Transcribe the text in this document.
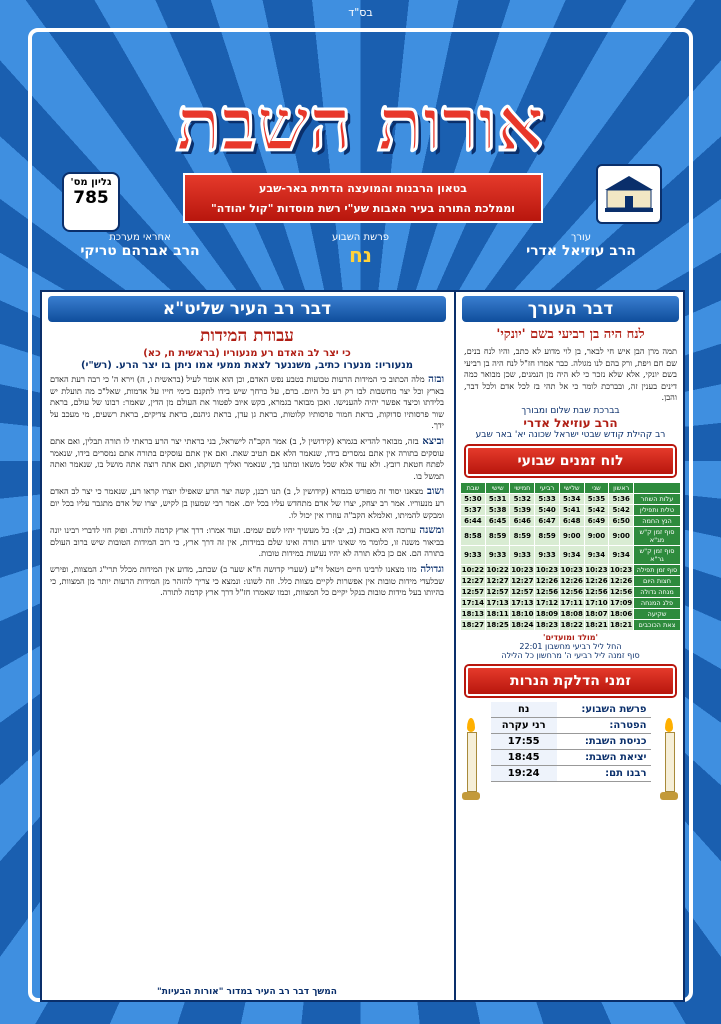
בס"ד
אורות השבת
בטאון הרבנות והמועצה הדתית באר-שבע
וממלכת התורה בעיר האבות שע"י רשת מוסדות "קול יהודה"
גליון מס'
785
עורך
הרב עוזיאל אדרי
פרשת השבוע
נח
אחראי מערכת
הרב אברהם טריקי
דבר העורך
לנח היה בן רביעי בשם 'יונקי'
תמה מרן הבן איש חי לבאר, בן לוי מדוע לא כתב, והיו לנח בנים, שם חם ויפת, ורק בהם לנו מגולה. כבר אמרו חז"ל לנח היה בן רביעי בשם יונקי, אלא שלא נזכר כי לא היה מן הנמנים, שכן מבואר כמה דינים בענין זה, ובברכת לומר כי אל תהי בז לכל אדם ולכל דבר, והבן.
בברכת שבת שלום ומבורך
הרב עוזיאל אדרי
רב קהילת קודש שבטי ישראל שכונה יא' באר שבע
לוח זמנים שבועי
	ראשון	שני	שלישי	רביעי	חמישי	שישי	שבת
עלות השחר	5:36	5:35	5:34	5:33	5:32	5:31	5:30
טלית ותפילין	5:42	5:42	5:41	5:40	5:39	5:38	5:37
הנץ החמה	6:50	6:49	6:48	6:47	6:46	6:45	6:44
סוף זמן ק"ש מג"א	9:00	9:00	9:00	8:59	8:59	8:59	8:58
סוף זמן ק"ש גר"א	9:34	9:34	9:34	9:33	9:33	9:33	9:33
סוף זמן תפילה	10:23	10:23	10:23	10:23	10:23	10:22	10:22
חצות היום	12:26	12:26	12:26	12:26	12:27	12:27	12:27
מנחה גדולה	12:56	12:56	12:56	12:56	12:57	12:57	12:57
פלג המנחה	17:09	17:10	17:11	17:12	17:13	17:13	17:14
שקיעה	18:06	18:07	18:08	18:09	18:10	18:11	18:13
צאת הכוכבים	18:21	18:21	18:22	18:23	18:24	18:25	18:27
'מולד ומועדים'
החל ליל רביעי מחשבון 22:01
סוף זמנה ליל רביעי ה' מרחשון כל הלילה
זמני הדלקת הנרות
פרשת השבוע:	נח
הפטרה:	רני עקרה
כניסת השבת:	17:55
יציאת השבת:	18:45
רבנו תם:	19:24
דבר רב העיר שליט"א
עבודת המידות
כי יצר לב האדם רע מנעוריו (בראשית ח, כא)
מנעוריו: מנערו כתיב, משננער לצאת ממעי אמו ניתן בו יצר הרע. (רש"י)
ובזה מלה הכתוב כי המידות הרעות טבועות בטבע נפש האדם, וכן הוא אומר לעיל (בראשית ו, ה) וירא ה' כי רבה רעת האדם בארץ וכל יצר מחשבות לבו רק רע כל היום. ברם, על כרחך שיש בידו לתקנם בימי חייו על אדמות, שאל"כ מה תועלת יש בלידתו וכיצד אפשר יהיה להענישו. ואכן מבואר בגמרא, בקש איוב לפטור את העולם מן הדין, שאמר: רבונו של עולם, בראת שור פרסותיו סדוקות, בראת חמור פרסותיו קלוטות, בראת גן עדן, בראת גיהנם, בראת צדיקים, בראת רשעים, מי מעכב על ידך.
וביצא בזה, מבואר להדיא בגמרא (קידושין ל, ב) אמר הקב"ה לישראל, בני בראתי יצר הרע בראתי לו תורה תבלין, ואם אתם עוסקים בתורה אין אתם נמסרים בידו, שנאמר הלא אם תטיב שאת. ואם אין אתם עוסקים בתורה אתם נמסרים בידו, שנאמר לפתח חטאת רובץ. ולא עוד אלא שכל משאו ומתנו בך, שנאמר ואליך תשוקתו, ואם אתה רוצה אתה מושל בו, שנאמר ואתה תמשל בו.
ושוב מצאנו יסוד זה מפורש בגמרא (קידושין ל, ב) תנו רבנן, קשה יצר הרע שאפילו יוצרו קראו רע, שנאמר כי יצר לב האדם רע מנעוריו. אמר רב יצחק, יצרו של אדם מתחדש עליו בכל יום. אמר רבי שמעון בן לקיש, יצרו של אדם מתגבר עליו בכל יום ומבקש להמיתו, ואלמלא הקב"ה עוזרו אין יכול לו.
ומשנה ערוכה היא באבות (ב, יב): כל מעשיך יהיו לשם שמים. ועוד אמרו: דרך ארץ קדמה לתורה. ופוק חזי לדברי רבינו יונה בביאור משנה זו, כלומר מי שאינו יודע תורה ואינו שלם במידות, אין זה דרך ארץ, כי רוב המידות הטובות שיש ברוב העולם בתורה הם. אם כן בלא תורה לא יהיו נעשות במידות טובות.
וגדולה מזו מצאנו לרבינו חיים ויטאל זי"ע (שערי קדושה ח"א שער ב) שכתב, מדוע אין המידות מכלל תרי"ג המצוות, ופירש שבלעדי מידות טובות אין אפשרות לקיים מצוות כלל. וזה לשונו: ונמצא כי צריך להזהר מן המידות הרעות יותר מן המצוות, כי בהיותו בעל מידות טובות בנקל יקיים כל המצוות, וכמו שאמרו חז"ל דרך ארץ קדמה לתורה.
המשך דבר רב העיר במדור "אורות הבעיות"
